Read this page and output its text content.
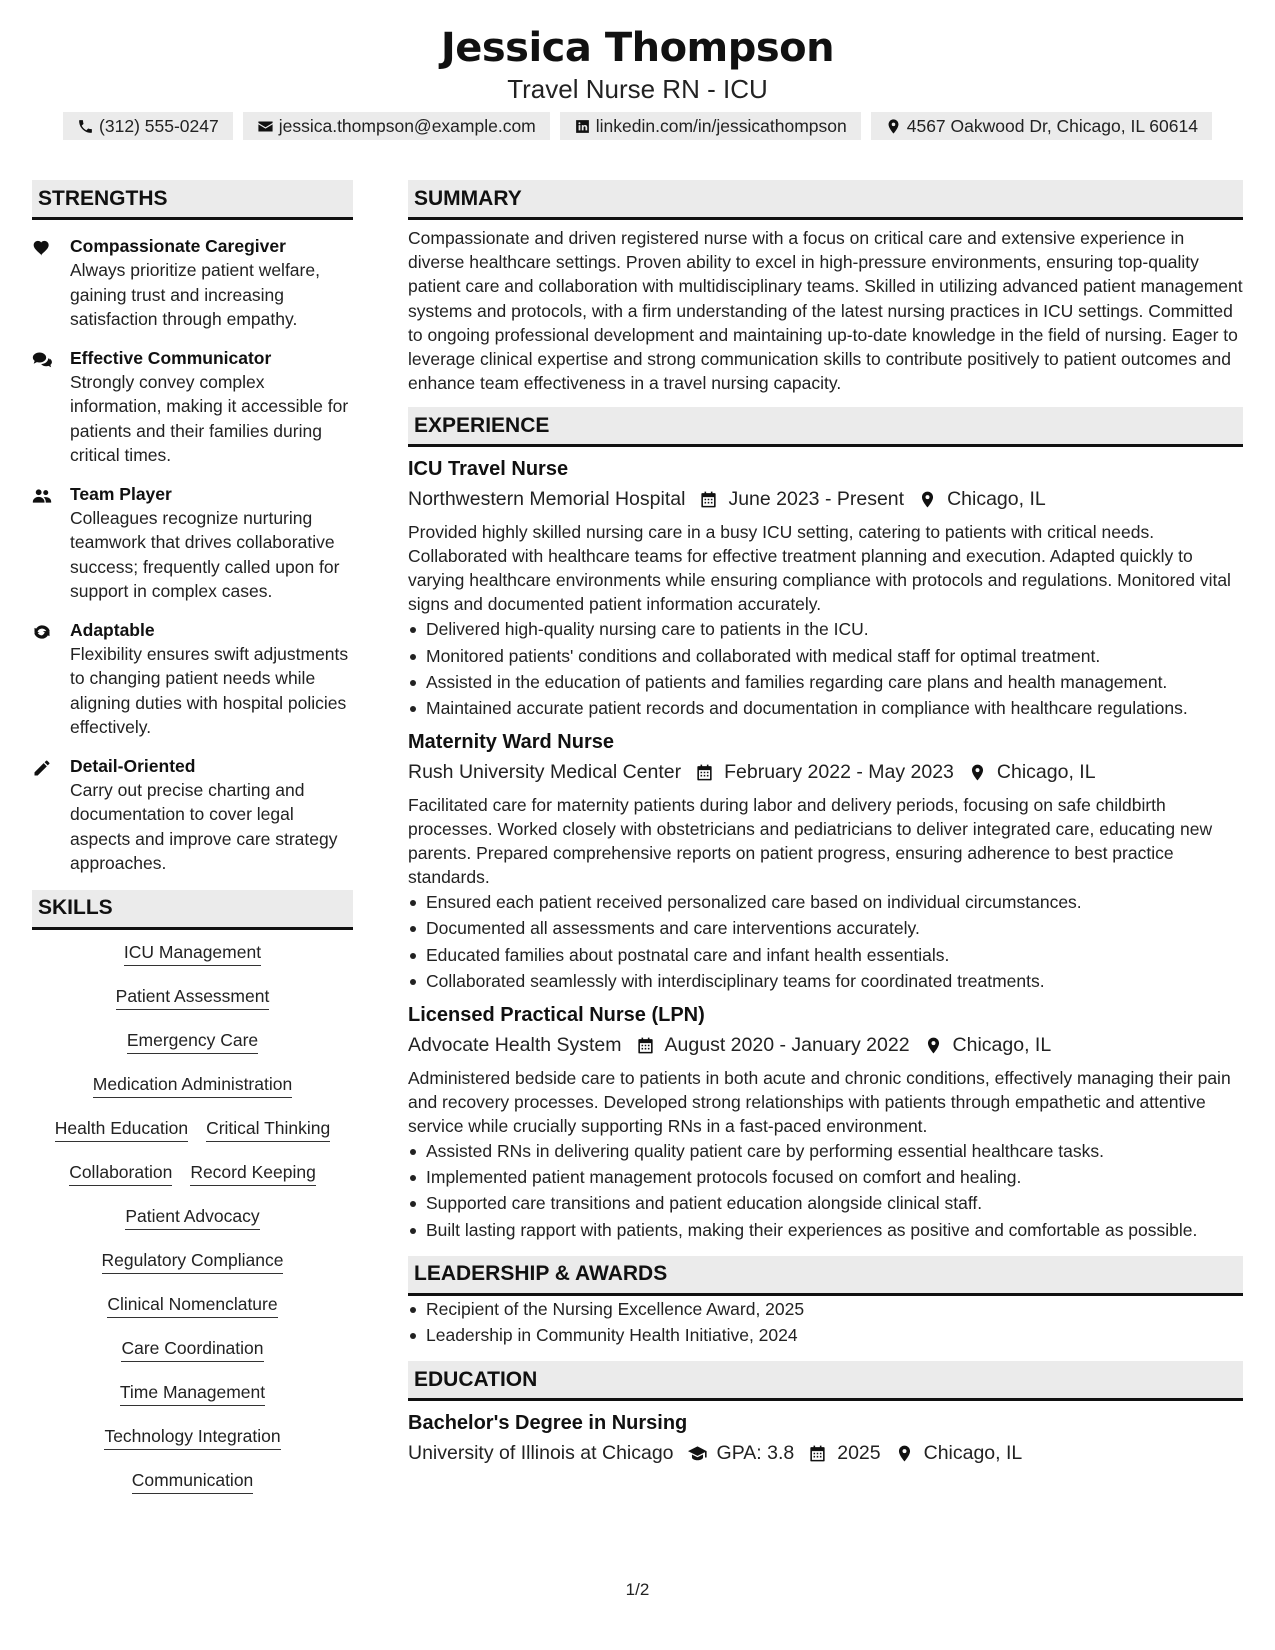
Jessica Thompson
Travel Nurse RN - ICU
(312) 555-0247	jessica.thompson@example.com	linkedin.com/in/jessicathompson	4567 Oakwood Dr, Chicago, IL 60614
STRENGTHS
Compassionate Caregiver
Always prioritize patient welfare, gaining trust and increasing satisfaction through empathy.
Effective Communicator
Strongly convey complex information, making it accessible for patients and their families during critical times.
Team Player
Colleagues recognize nurturing teamwork that drives collaborative success; frequently called upon for support in complex cases.
Adaptable
Flexibility ensures swift adjustments to changing patient needs while aligning duties with hospital policies effectively.
Detail-Oriented
Carry out precise charting and documentation to cover legal aspects and improve care strategy approaches.
SKILLS
ICU Management
Patient Assessment
Emergency Care
Medication Administration
Health Education Critical Thinking
Collaboration Record Keeping
Patient Advocacy
Regulatory Compliance
Clinical Nomenclature
Care Coordination
Time Management
Technology Integration
Communication
SUMMARY
Compassionate and driven registered nurse with a focus on critical care and extensive experience in diverse healthcare settings. Proven ability to excel in high-pressure environments, ensuring top-quality patient care and collaboration with multidisciplinary teams. Skilled in utilizing advanced patient management systems and protocols, with a firm understanding of the latest nursing practices in ICU settings. Committed to ongoing professional development and maintaining up-to-date knowledge in the field of nursing. Eager to leverage clinical expertise and strong communication skills to contribute positively to patient outcomes and enhance team effectiveness in a travel nursing capacity.
EXPERIENCE
ICU Travel Nurse
Northwestern Memorial Hospital June 2023 - Present Chicago, IL
Provided highly skilled nursing care in a busy ICU setting, catering to patients with critical needs. Collaborated with healthcare teams for effective treatment planning and execution. Adapted quickly to varying healthcare environments while ensuring compliance with protocols and regulations. Monitored vital signs and documented patient information accurately.
Delivered high-quality nursing care to patients in the ICU.
Monitored patients' conditions and collaborated with medical staff for optimal treatment.
Assisted in the education of patients and families regarding care plans and health management.
Maintained accurate patient records and documentation in compliance with healthcare regulations.
Maternity Ward Nurse
Rush University Medical Center February 2022 - May 2023 Chicago, IL
Facilitated care for maternity patients during labor and delivery periods, focusing on safe childbirth processes. Worked closely with obstetricians and pediatricians to deliver integrated care, educating new parents. Prepared comprehensive reports on patient progress, ensuring adherence to best practice standards.
Ensured each patient received personalized care based on individual circumstances.
Documented all assessments and care interventions accurately.
Educated families about postnatal care and infant health essentials.
Collaborated seamlessly with interdisciplinary teams for coordinated treatments.
Licensed Practical Nurse (LPN)
Advocate Health System August 2020 - January 2022 Chicago, IL
Administered bedside care to patients in both acute and chronic conditions, effectively managing their pain and recovery processes. Developed strong relationships with patients through empathetic and attentive service while crucially supporting RNs in a fast-paced environment.
Assisted RNs in delivering quality patient care by performing essential healthcare tasks.
Implemented patient management protocols focused on comfort and healing.
Supported care transitions and patient education alongside clinical staff.
Built lasting rapport with patients, making their experiences as positive and comfortable as possible.
LEADERSHIP & AWARDS
Recipient of the Nursing Excellence Award, 2025
Leadership in Community Health Initiative, 2024
EDUCATION
Bachelor's Degree in Nursing
University of Illinois at Chicago GPA: 3.8 2025 Chicago, IL
1/2
